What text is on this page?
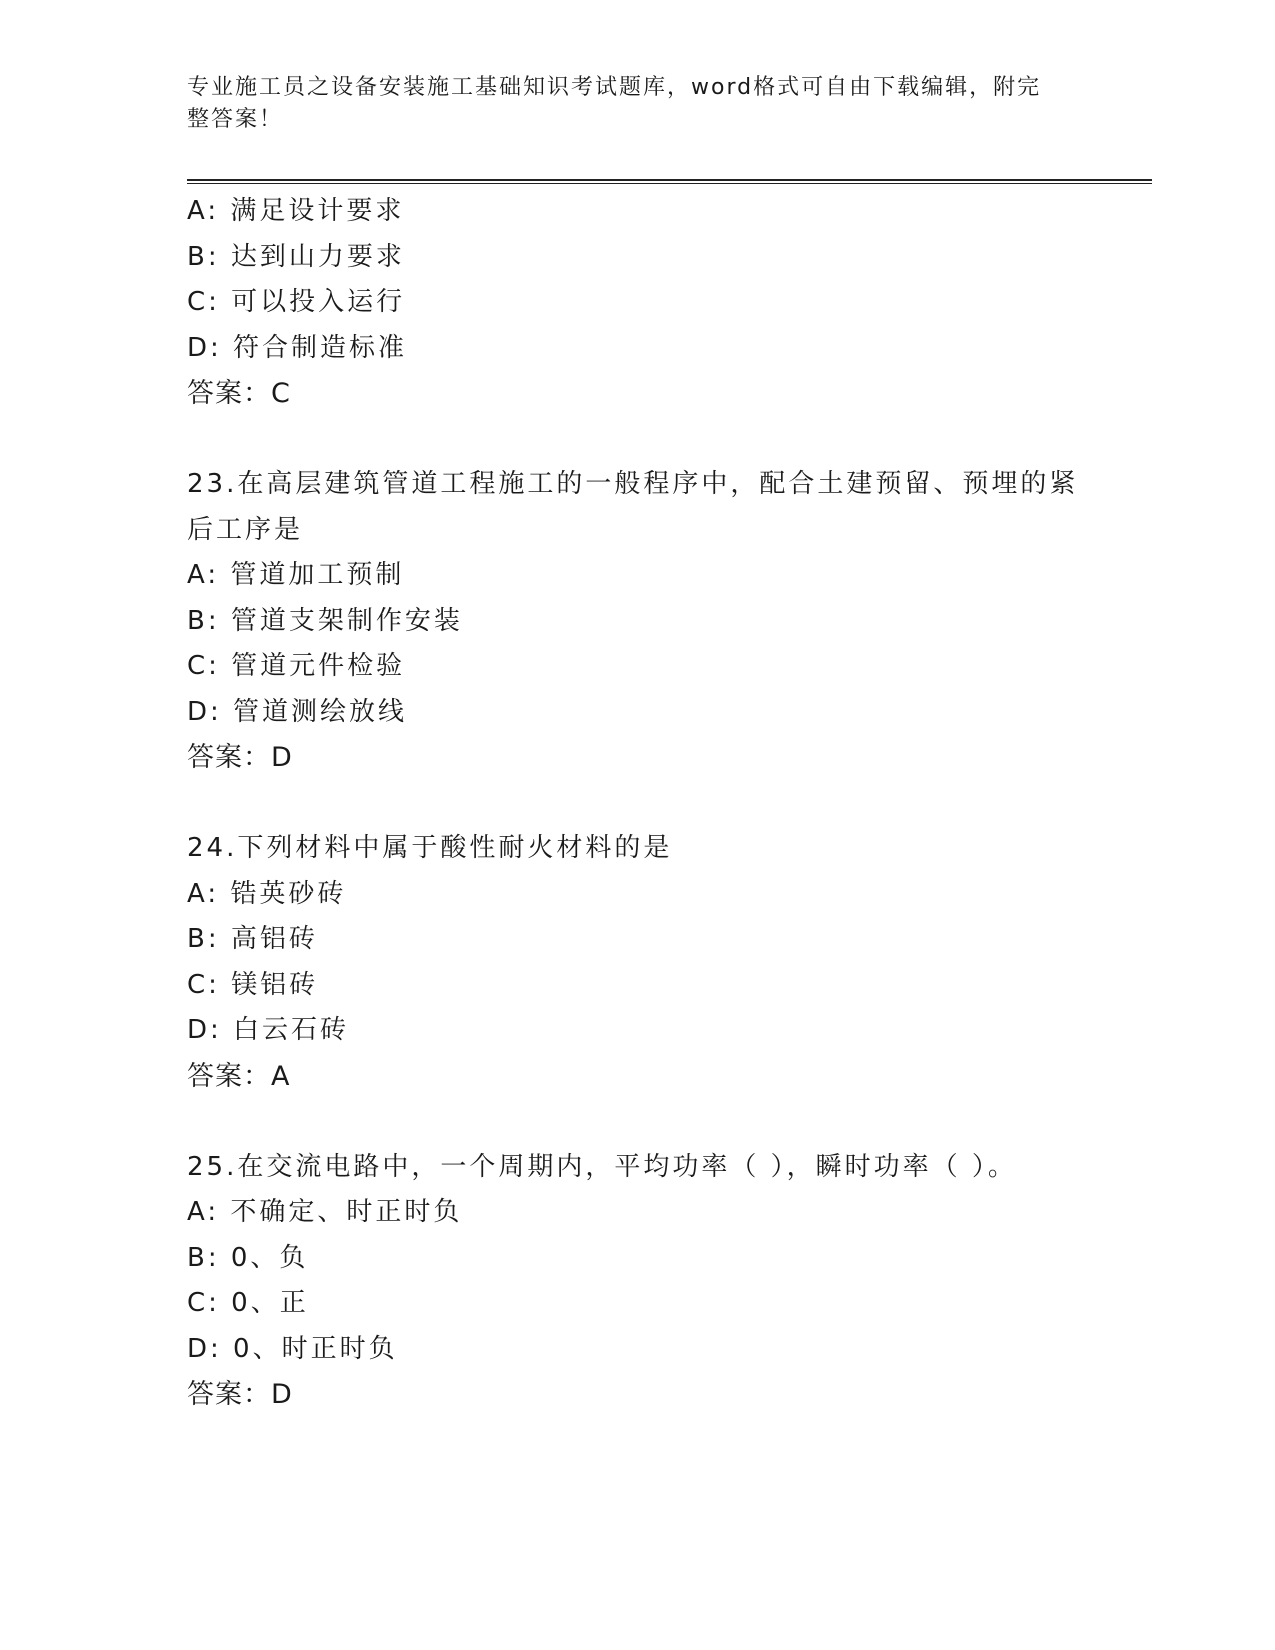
专业施工员之设备安装施工基础知识考试题库，word格式可自由下载编辑，附完
整答案！

A: 满足设计要求

B: 达到山力要求

C: 可以投入运行

D: 符合制造标准

答案：C

23.在高层建筑管道工程施工的一般程序中，配合土建预留、预埋的紧

后工序是

A: 管道加工预制

B: 管道支架制作安装

C: 管道元件检验

D: 管道测绘放线

答案：D

24.下列材料中属于酸性耐火材料的是

A: 锆英砂砖

B: 高铝砖

C: 镁铝砖

D: 白云石砖

答案：A

25.在交流电路中，一个周期内，平均功率（ ），瞬时功率（ ）。

A: 不确定、时正时负

B: 0、负

C: 0、正

D: 0、时正时负

答案：D
